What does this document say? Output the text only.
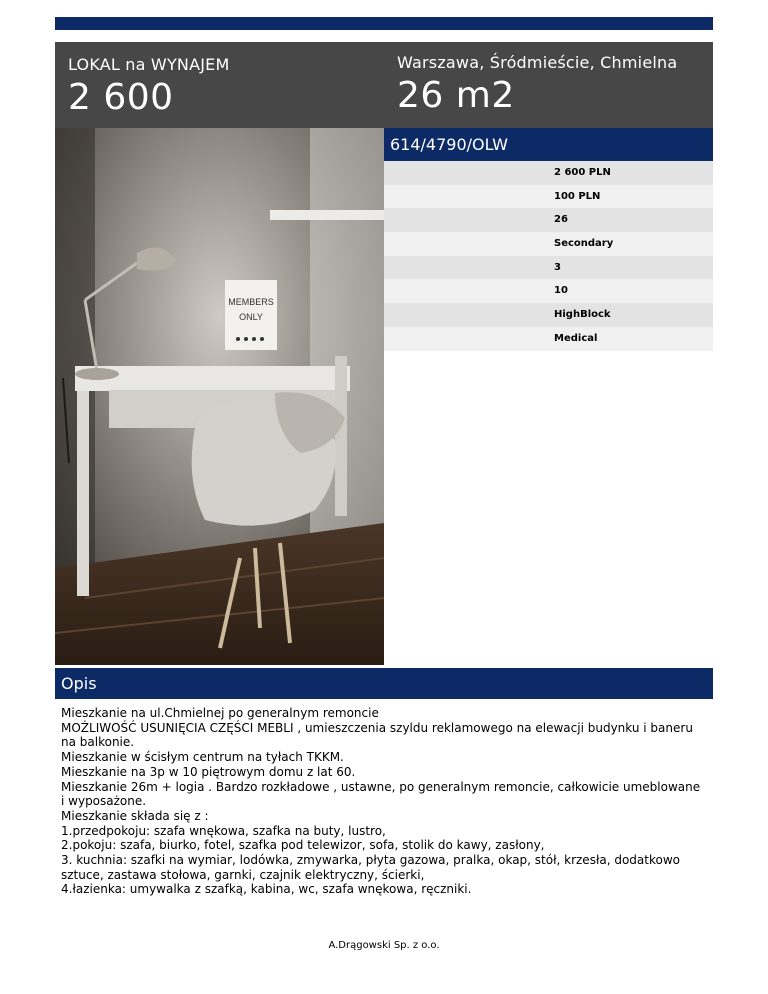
LOKAL na WYNAJEM
2 600
Warszawa, Śródmieście, Chmielna
26 m2
MEMBERS
ONLY
614/4790/OLW
2 600 PLN
100 PLN
26
Secondary
3
10
HighBlock
Medical
Opis
Mieszkanie na ul.Chmielnej po generalnym remoncie
MOŻLIWOŚĆ USUNIĘCIA CZĘŚCI MEBLI , umieszczenia szyldu reklamowego na elewacji budynku i baneru na balkonie.
Mieszkanie w ścisłym centrum na tyłach TKKM.
Mieszkanie na 3p w 10 piętrowym domu z lat 60.
Mieszkanie 26m + logia . Bardzo rozkładowe , ustawne, po generalnym remoncie, całkowicie umeblowane i wyposażone.
Mieszkanie składa się z :
1.przedpokoju: szafa wnękowa, szafka na buty, lustro,
2.pokoju: szafa, biurko, fotel, szafka pod telewizor, sofa, stolik do kawy, zasłony,
3. kuchnia: szafki na wymiar, lodówka, zmywarka, płyta gazowa, pralka, okap, stół, krzesła, dodatkowo sztuce, zastawa stołowa, garnki, czajnik elektryczny, ścierki,
4.łazienka: umywalka z szafką, kabina, wc, szafa wnękowa, ręczniki.
A.Drągowski Sp. z o.o.
